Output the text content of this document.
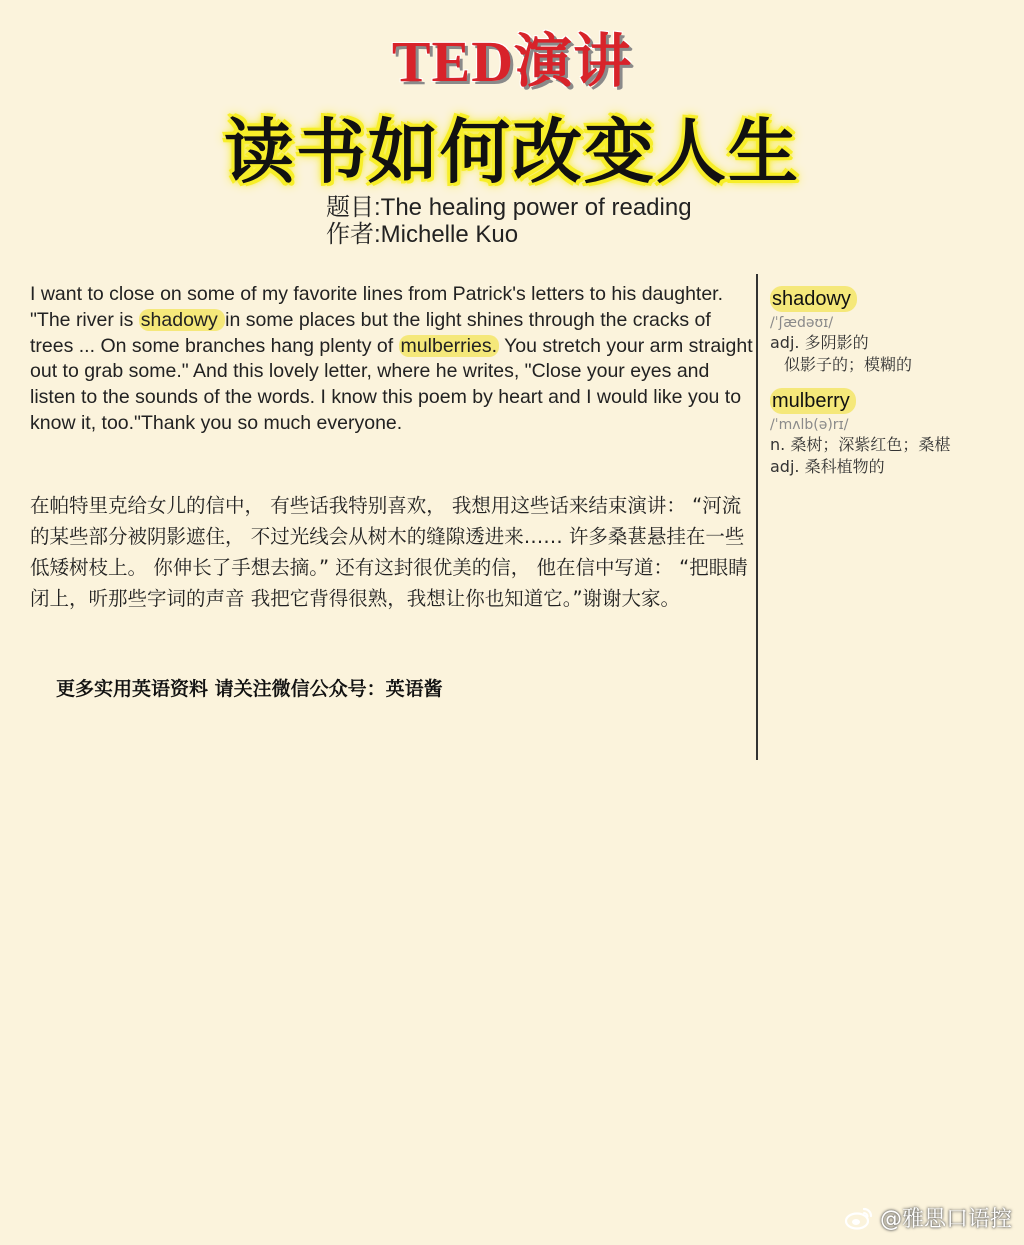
TED演讲
读书如何改变人生
题目:The healing power of reading
作者:Michelle Kuo
I want to close on some of my favorite lines from Patrick's letters to his daughter. "The river is shadowy in some places but the light shines through the cracks of trees ... On some branches hang plenty of mulberries. You stretch your arm straight out to grab some." And this lovely letter, where he writes, "Close your eyes and listen to the sounds of the words. I know this poem by heart and I would like you to know it, too."Thank you so much everyone.
在帕特里克给女儿的信中， 有些话我特别喜欢， 我想用这些话来结束演讲： “河流的某些部分被阴影遮住， 不过光线会从树木的缝隙透进来…… 许多桑葚悬挂在一些低矮树枝上。 你伸长了手想去摘。” 还有这封很优美的信， 他在信中写道： “把眼睛闭上，听那些字词的声音 我把它背得很熟，我想让你也知道它。”谢谢大家。
更多实用英语资料 请关注微信公众号：英语酱
shadowy
/ˈʃædəʊɪ/
adj. 多阴影的
似影子的；模糊的
mulberry
/ˈmʌlb(ə)rɪ/
n. 桑树；深紫红色；桑椹
adj. 桑科植物的
@雅思口语控
